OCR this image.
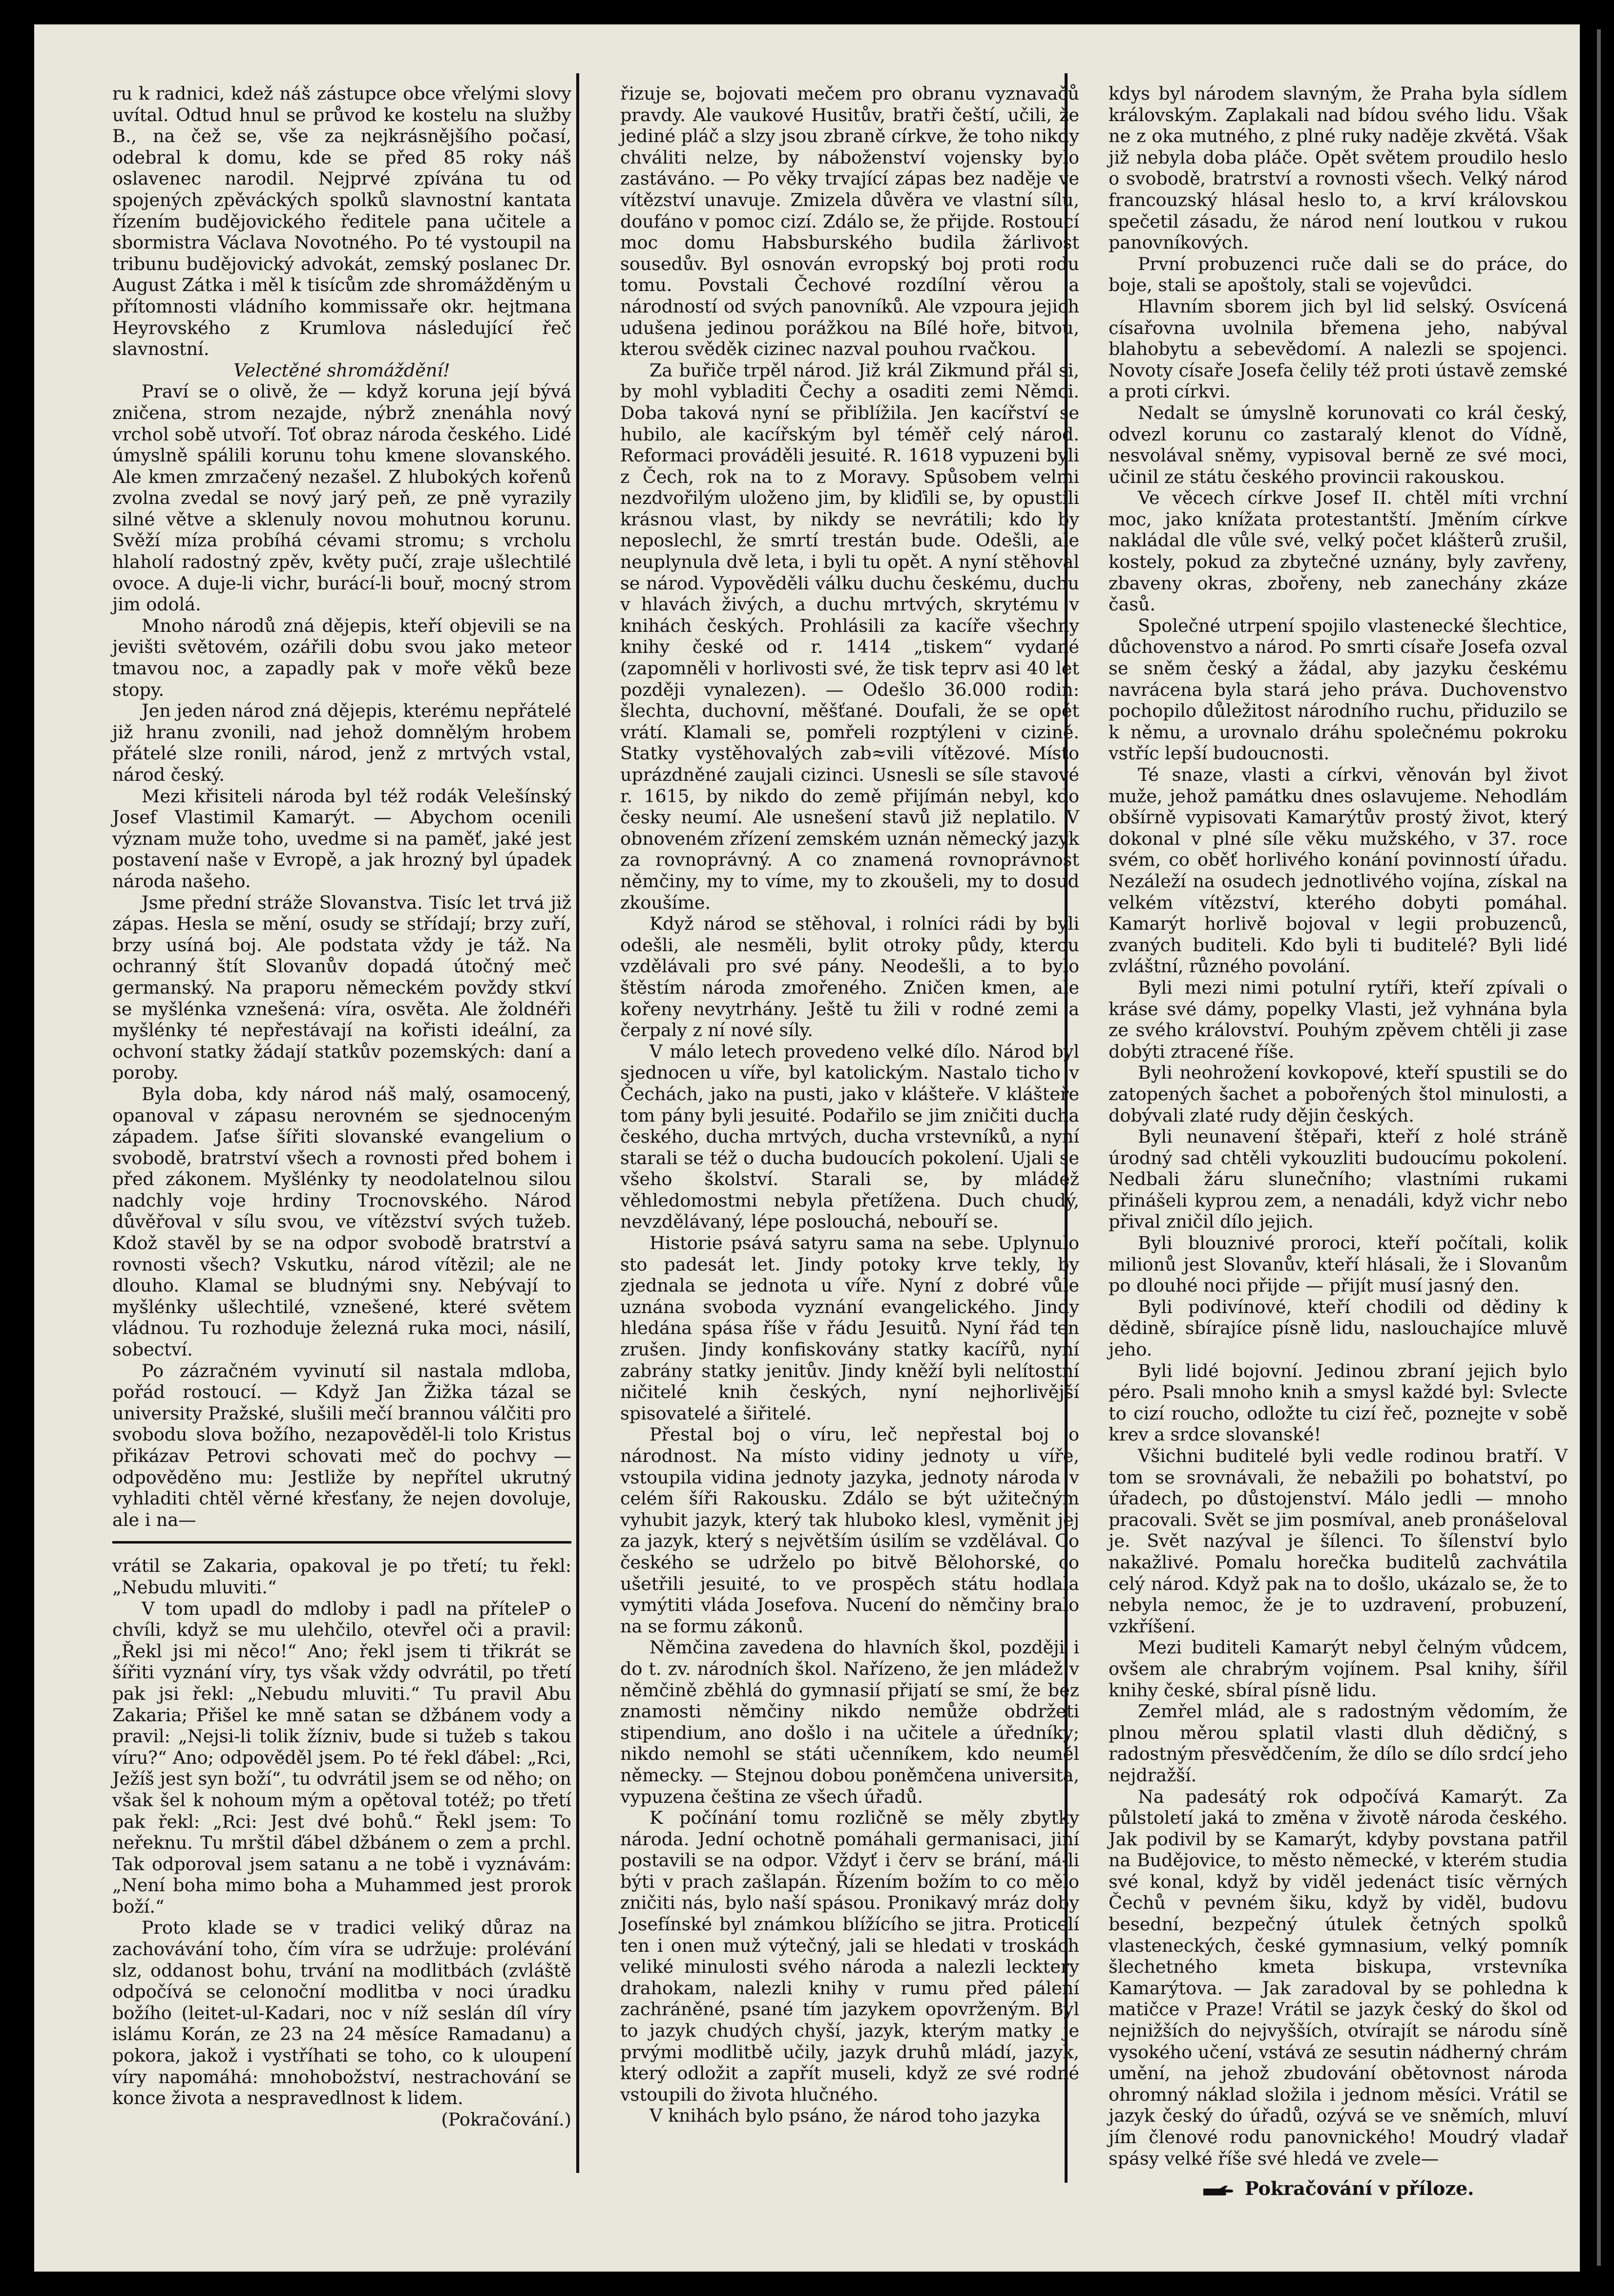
ru k radnici, kdež náš zástupce obce vřelými slovy uvítal. Odtud hnul se průvod ke kostelu na služby B., na čež se, vše za nejkrásnějšího počasí, odebral k domu, kde se před 85 roky náš oslavenec narodil. Nejprvé zpívána tu od spojených zpěváckých spolků slavnostní kantata řízením budějovického ředitele pana učitele a sbormistra Václava Novotného. Po té vystoupil na tribunu budějovický advokát, zemský poslanec Dr. August Zátka i měl k tisícům zde shromážděným u přítomnosti vládního kommissaře okr. hejtmana Heyrovského z Krumlova následující řeč slavnostní.

Velectěné shromáždění!

Praví se o olivě, že — když koruna její bývá zničena, strom nezajde, nýbrž znenáhla nový vrchol sobě utvoří. Toť obraz národa českého. Lidé úmyslně spálili korunu tohu kmene slovanského. Ale kmen zmrzačený nezašel. Z hlubokých kořenů zvolna zvedal se nový jarý peň, ze pně vyrazily silné větve a sklenuly novou mohutnou korunu. Svěží míza probíhá cévami stromu; s vrcholu hlaholí radostný zpěv, květy pučí, zraje ušlechtilé ovoce. A duje-li vichr, burácí-li bouř, mocný strom jim odolá.

Mnoho národů zná dějepis, kteří objevili se na jevišti světovém, ozářili dobu svou jako meteor tmavou noc, a zapadly pak v moře věků beze stopy.

Jen jeden národ zná dějepis, kterému nepřátelé již hranu zvonili, nad jehož domnělým hrobem přátelé slze ronili, národ, jenž z mrtvých vstal, národ český.

Mezi křisiteli národa byl též rodák Velešínský Josef Vlastimil Kamarýt. — Abychom ocenili význam muže toho, uvedme si na paměť, jaké jest postavení naše v Evropě, a jak hrozný byl úpadek národa našeho.

Jsme přední stráže Slovanstva. Tisíc let trvá již zápas. Hesla se mění, osudy se střídají; brzy zuří, brzy usíná boj. Ale podstata vždy je táž. Na ochranný štít Slovanův dopadá útočný meč germanský. Na praporu německém povždy stkví se myšlénka vznešená: víra, osvěta. Ale žoldnéři myšlénky té nepřestávají na kořisti ideální, za ochvoní statky žádají statkův pozemských: daní a poroby.

Byla doba, kdy národ náš malý, osamocený, opanoval v zápasu nerovném se sjednoceným západem. Jaťse šířiti slovanské evangelium o svobodě, bratrství všech a rovnosti před bohem i před zákonem. Myšlénky ty neodolatelnou silou nadchly voje hrdiny Trocnovského. Národ důvěřoval v sílu svou, ve vítězství svých tužeb. Kdož stavěl by se na odpor svobodě bratrství a rovnosti všech? Vskutku, národ vítězil; ale ne dlouho. Klamal se bludnými sny. Nebývají to myšlénky ušlechtilé, vznešené, které světem vládnou. Tu rozhoduje železná ruka moci, násilí, sobectví.

Po zázračném vyvinutí sil nastala mdloba, pořád rostoucí. — Když Jan Žižka tázal se university Pražské, slušili mečí brannou válčiti pro svobodu slova božího, nezapověděl-li tolo Kristus přikázav Petrovi schovati meč do pochvy — odpověděno mu: Jestliže by nepřítel ukrutný vyhladiti chtěl věrné křesťany, že nejen dovoluje, ale i na—

vrátil se Zakaria, opakoval je po třetí; tu řekl: „Nebudu mluviti.“

V tom upadl do mdloby i padl na příteleP o chvíli, když se mu ulehčilo, otevřel oči a pravil: „Řekl jsi mi něco!“ Ano; řekl jsem ti třikrát se šířiti vyznání víry, tys však vždy odvrátil, po třetí pak jsi řekl: „Nebudu mluviti.“ Tu pravil Abu Zakaria; Přišel ke mně satan se džbánem vody a pravil: „Nejsi-li tolik žízniv, bude si tužeb s takou víru?“ Ano; odpověděl jsem. Po té řekl ďábel: „Rci, Ježíš jest syn boží“, tu odvrátil jsem se od něho; on však šel k nohoum mým a opětoval totéž; po třetí pak řekl: „Rci: Jest dvé bohů.“ Řekl jsem: To neřeknu. Tu mrštil ďábel džbánem o zem a prchl. Tak odporoval jsem satanu a ne tobě i vyznávám: „Není boha mimo boha a Muhammed jest prorok boží.“

Proto klade se v tradici veliký důraz na zachovávání toho, čím víra se udržuje: prolévání slz, oddanost bohu, trvání na modlitbách (zvláště odpočívá se celonoční modlitba v noci úradku božího (leitet-ul-Kadari, noc v níž seslán díl víry islámu Korán, ze 23 na 24 měsíce Ramadanu) a pokora, jakož i vystříhati se toho, co k uloupení víry napomáhá: mnohobožství, nestrachování se konce života a nespravedlnost k lidem.

(Pokračování.)

řizuje se, bojovati mečem pro obranu vyznavačů pravdy. Ale vaukové Husitův, bratři čeští, učili, že jediné pláč a slzy jsou zbraně církve, že toho nikdy chváliti nelze, by náboženství vojensky bylo zastáváno. — Po věky trvající zápas bez naděje ve vítězství unavuje. Zmizela důvěra ve vlastní sílu, doufáno v pomoc cizí. Zdálo se, že přijde. Rostoucí moc domu Habsburského budila žárlivost sousedův. Byl osnován evropský boj proti rodu tomu. Povstali Čechové rozdílní věrou a národností od svých panovníků. Ale vzpoura jejich udušena jedinou porážkou na Bílé hoře, bitvou, kterou svěděk cizinec nazval pouhou rvačkou.

Za buřiče trpěl národ. Již král Zikmund přál si, by mohl vybladiti Čechy a osaditi zemi Němci. Doba taková nyní se přiblížila. Jen kacířství se hubilo, ale kacířským byl téměř celý národ. Reformaci prováděli jesuité. R. 1618 vypuzeni byli z Čech, rok na to z Moravy. Spůsobem velmi nezdvořilým uloženo jim, by kliďili se, by opustili krásnou vlast, by nikdy se nevrátili; kdo by neposlechl, že smrtí trestán bude. Odešli, ale neuplynula dvě leta, i byli tu opět. A nyní stěhoval se národ. Vypověděli válku duchu českému, duchu v hlavách živých, a duchu mrtvých, skrytému v knihách českých. Prohlásili za kacíře všechny knihy české od r. 1414 „tiskem“ vydané (zapomněli v horlivosti své, že tisk teprv asi 40 let později vynalezen). — Odešlo 36.000 rodin: šlechta, duchovní, měšťané. Doufali, že se opět vrátí. Klamali se, pomřeli rozptýleni v cizině. Statky vystěhovalých zab≈vili vítězové. Místo uprázdněné zaujali cizinci. Usnesli se síle stavové r. 1615, by nikdo do země přijímán nebyl, kdo česky neumí. Ale usnešení stavů již neplatilo. V obnoveném zřízení zemském uznán německý jazyk za rovnoprávný. A co znamená rovnoprávnost němčiny, my to víme, my to zkoušeli, my to dosud zkoušíme.

Když národ se stěhoval, i rolníci rádi by byli odešli, ale nesměli, bylit otroky půdy, kterou vzdělávali pro své pány. Neodešli, a to bylo štěstím národa zmořeného. Zničen kmen, ale kořeny nevytrhány. Ještě tu žili v rodné zemi a čerpaly z ní nové síly.

V málo letech provedeno velké dílo. Národ byl sjednocen u víře, byl katolickým. Nastalo ticho v Čechách, jako na pusti, jako v klášteře. V klášteře tom pány byli jesuité. Podařilo se jim zničiti ducha českého, ducha mrtvých, ducha vrstevníků, a nyní starali se též o ducha budoucích pokolení. Ujali se všeho školství. Starali se, by mládež věhledomostmi nebyla přetížena. Duch chudý, nevzdělávaný, lépe poslouchá, nebouří se.

Historie psává satyru sama na sebe. Uplynulo sto padesát let. Jindy potoky krve tekly, by zjednala se jednota u víře. Nyní z dobré vůle uznána svoboda vyznání evangelického. Jindy hledána spása říše v řádu Jesuitů. Nyní řád ten zrušen. Jindy konfiskovány statky kacířů, nyní zabrány statky jenitův. Jindy kněží byli nelítostní ničitelé knih českých, nyní nejhorlivější spisovatelé a šiřitelé.

Přestal boj o víru, leč nepřestal boj o národnost. Na místo vidiny jednoty u víře, vstoupila vidina jednoty jazyka, jednoty národa v celém šíři Rakousku. Zdálo se být užitečným vyhubit jazyk, který tak hluboko klesl, vyměnit jej za jazyk, který s největším úsilím se vzdělával. Co českého se udrželo po bitvě Bělohorské, co ušetřili jesuité, to ve prospěch státu hodlala vymýtiti vláda Josefova. Nucení do němčiny bralo na se formu zákonů.

Němčina zavedena do hlavních škol, později i do t. zv. národních škol. Nařízeno, že jen mládež v němčině zběhlá do gymnasií přijatí se smí, že bez znamosti němčiny nikdo nemůže obdržeti stipendium, ano došlo i na učitele a úředníky; nikdo nemohl se státi učenníkem, kdo neuměl německy. — Stejnou dobou poněmčena universita, vypuzena čeština ze všech úřadů.

K počínání tomu rozličně se měly zbytky národa. Jední ochotně pomáhali germanisaci, jiní postavili se na odpor. Vždyť i červ se brání, má-li býti v prach zašlapán. Řízením božím to co mělo zničiti nás, bylo naší spásou. Pronikavý mráz doby Josefínské byl známkou blížícího se jitra. Proticelí ten i onen muž výtečný, jali se hledati v troskách veliké minulosti svého národa a nalezli lecktery drahokam, nalezli knihy v rumu před pálení zachráněné, psané tím jazykem opovrženým. Byl to jazyk chudých chyší, jazyk, kterým matky je prvými modlitbě učily, jazyk druhů mládí, jazyk, který odložit a zapřít museli, když ze své rodné vstoupili do života hlučného.

V knihách bylo psáno, že národ toho jazyka

kdys byl národem slavným, že Praha byla sídlem královským. Zaplakali nad bídou svého lidu. Však ne z oka mutného, z plné ruky naděje zkvětá. Však již nebyla doba pláče. Opět světem proudilo heslo o svobodě, bratrství a rovnosti všech. Velký národ francouzský hlásal heslo to, a krví královskou spečetil zásadu, že národ není loutkou v rukou panovníkových.

První probuzenci ruče dali se do práce, do boje, stali se apoštoly, stali se vojevůdci.

Hlavním sborem jich byl lid selský. Osvícená císařovna uvolnila břemena jeho, nabýval blahobytu a sebevědomí. A nalezli se spojenci. Novoty císaře Josefa čelily též proti ústavě zemské a proti církvi.

Nedalt se úmyslně korunovati co král český, odvezl korunu co zastaralý klenot do Vídně, nesvolával sněmy, vypisoval berně ze své moci, učinil ze státu českého provincii rakouskou.

Ve věcech církve Josef II. chtěl míti vrchní moc, jako knížata protestantští. Jměním církve nakládal dle vůle své, velký počet klášterů zrušil, kostely, pokud za zbytečné uznány, byly zavřeny, zbaveny okras, zbořeny, neb zanechány zkáze časů.

Společné utrpení spojilo vlastenecké šlechtice, důchovenstvo a národ. Po smrti císaře Josefa ozval se sněm český a žádal, aby jazyku českému navrácena byla stará jeho práva. Duchovenstvo pochopilo důležitost národního ruchu, přiduzilo se k němu, a urovnalo dráhu společnému pokroku vstříc lepší budoucnosti.

Té snaze, vlasti a církvi, věnován byl život muže, jehož památku dnes oslavujeme. Nehodlám obšírně vypisovati Kamarýtův prostý život, který dokonal v plné síle věku mužského, v 37. roce svém, co oběť horlivého konání povinností úřadu. Nezáleží na osudech jednotlivého vojína, získal na velkém vítězství, kterého dobyti pomáhal. Kamarýt horlivě bojoval v legii probuzenců, zvaných buditeli. Kdo byli ti buditelé? Byli lidé zvláštní, různého povolání.

Byli mezi nimi potulní rytíři, kteří zpívali o kráse své dámy, popelky Vlasti, jež vyhnána byla ze svého království. Pouhým zpěvem chtěli ji zase dobýti ztracené říše.

Byli neohrožení kovkopové, kteří spustili se do zatopených šachet a pobořených štol minulosti, a dobývali zlaté rudy dějin českých.

Byli neunavení štěpaři, kteří z holé stráně úrodný sad chtěli vykouzliti budoucímu pokolení. Nedbali žáru slunečního; vlastními rukami přinášeli kyprou zem, a nenadáli, když vichr nebo přival zničil dílo jejich.

Byli blouznivé proroci, kteří počítali, kolik milionů jest Slovanův, kteří hlásali, že i Slovanům po dlouhé noci přijde — přijít musí jasný den.

Byli podivínové, kteří chodili od dědiny k dědině, sbírajíce písně lidu, naslouchajíce mluvě jeho.

Byli lidé bojovní. Jedinou zbraní jejich bylo péro. Psali mnoho knih a smysl každé byl: Svlecte to cizí roucho, odložte tu cizí řeč, poznejte v sobě krev a srdce slovanské!

Všichni buditelé byli vedle rodinou bratří. V tom se srovnávali, že nebažili po bohatství, po úřadech, po důstojenství. Málo jedli — mnoho pracovali. Svět se jim posmíval, aneb pronášeloval je. Svět nazýval je šílenci. To šílenství bylo nakažlivé. Pomalu horečka buditelů zachvátila celý národ. Když pak na to došlo, ukázalo se, že to nebyla nemoc, že je to uzdravení, probuzení, vzkříšení.

Mezi buditeli Kamarýt nebyl čelným vůdcem, ovšem ale chrabrým vojínem. Psal knihy, šířil knihy české, sbíral písně lidu.

Zemřel mlád, ale s radostným vědomím, že plnou měrou splatil vlasti dluh dědičný, s radostným přesvědčením, že dílo se dílo srdcí jeho nejdražší.

Na padesátý rok odpočívá Kamarýt. Za půlstoletí jaká to změna v životě národa českého. Jak podivil by se Kamarýt, kdyby povstana patřil na Budějovice, to město německé, v kterém studia své konal, když by viděl jedenáct tisíc věrných Čechů v pevném šiku, když by viděl, budovu besední, bezpečný útulek četných spolků vlasteneckých, české gymnasium, velký pomník šlechetného kmeta biskupa, vrstevníka Kamarýtova. — Jak zaradoval by se pohledna k matičce v Praze! Vrátil se jazyk český do škol od nejnižších do nejvyšších, otvírajít se národu síně vysokého učení, vstává ze sesutin nádherný chrám umění, na jehož zbudování obětovnost národa ohromný náklad složila i jednom měsíci. Vrátil se jazyk český do úřadů, ozývá se ve sněmích, mluví jím členové rodu panovnického! Moudrý vladař spásy velké říše své hledá ve zvele—

Pokračování v příloze.
